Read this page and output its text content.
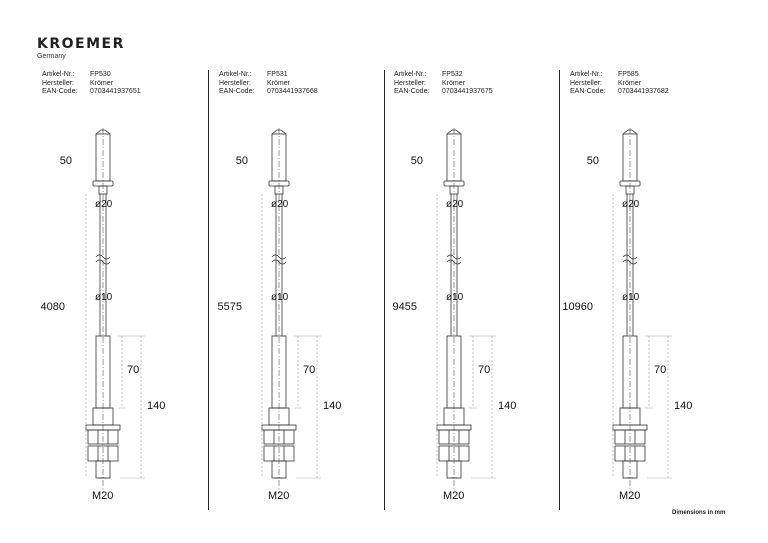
KROEMER
Germany
Artikel-Nr.:	FP530
Hersteller:	Krömer
EAN-Code:	0703441937651
50
4080
ø20
ø10
70
140
M20
Artikel-Nr.:	FP531
Hersteller:	Krömer
EAN-Code:	0703441937668
50
5575
ø20
ø10
70
140
M20
Artikel-Nr.:	FP532
Hersteller:	Krömer
EAN-Code:	0703441937675
50
9455
ø20
ø10
70
140
M20
Artikel-Nr.:	FP585
Hersteller:	Krömer
EAN-Code:	0703441937682
50
10960
ø20
ø10
70
140
M20
Dimensions in mm
